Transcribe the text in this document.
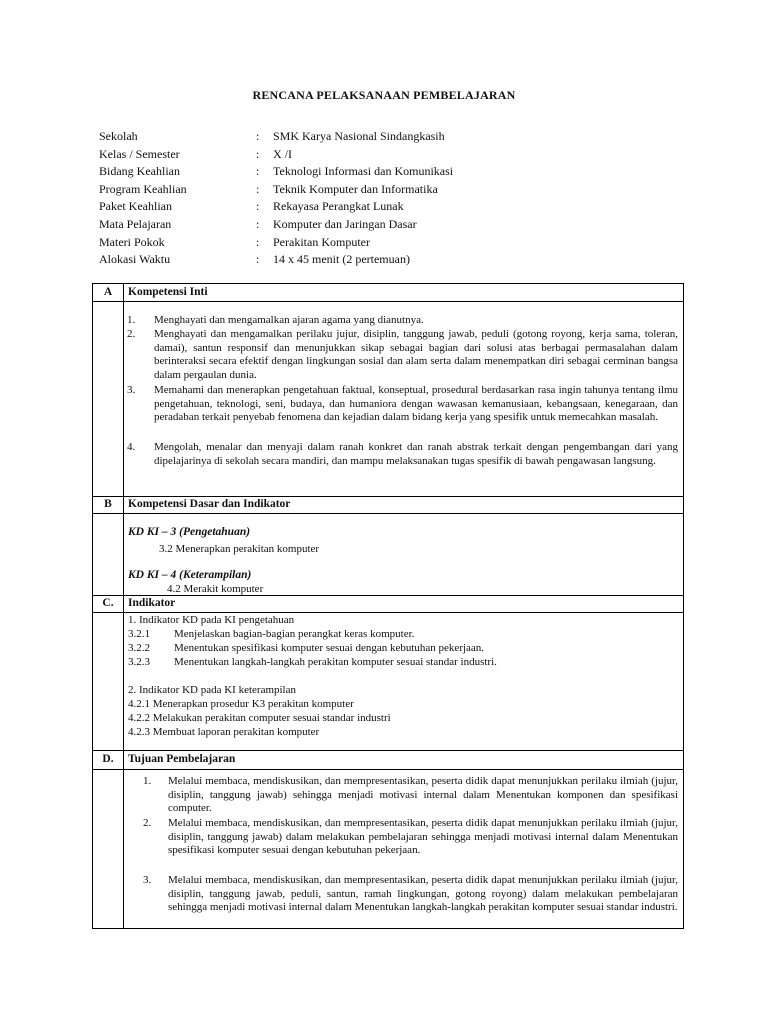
RENCANA PELAKSANAAN PEMBELAJARAN
Sekolah	: SMK Karya Nasional Sindangkasih
Kelas / Semester	: X /I
Bidang Keahlian	: Teknologi Informasi dan Komunikasi
Program Keahlian	: Teknik Komputer dan Informatika
Paket Keahlian	: Rekayasa Perangkat Lunak
Mata Pelajaran	: Komputer dan Jaringan Dasar
Materi Pokok	: Perakitan Komputer
Alokasi Waktu	: 14 x 45 menit (2 pertemuan)
A	Kompetensi Inti
1. Menghayati dan mengamalkan ajaran agama yang dianutnya.
2. Menghayati dan mengamalkan perilaku jujur, disiplin, tanggung jawab, peduli (gotong royong, kerja sama, toleran, damai), santun responsif dan menunjukkan sikap sebagai bagian dari solusi atas berbagai permasalahan dalam berinteraksi secara efektif dengan lingkungan sosial dan alam serta dalam menempatkan diri sebagai cerminan bangsa dalam pergaulan dunia.
3. Memahami dan menerapkan pengetahuan faktual, konseptual, prosedural berdasarkan rasa ingin tahunya tentang ilmu pengetahuan, teknologi, seni, budaya, dan humaniora dengan wawasan kemanusiaan, kebangsaan, kenegaraan, dan peradaban terkait penyebab fenomena dan kejadian dalam bidang kerja yang spesifik untuk memecahkan masalah.
4. Mengolah, menalar dan menyaji dalam ranah konkret dan ranah abstrak terkait dengan pengembangan dari yang dipelajarinya di sekolah secara mandiri, dan mampu melaksanakan tugas spesifik di bawah pengawasan langsung.
B	Kompetensi Dasar dan Indikator
KD KI – 3 (Pengetahuan)
3.2 Menerapkan perakitan komputer
KD KI – 4 (Keterampilan)
4.2 Merakit komputer
C.	Indikator
1. Indikator KD pada KI pengetahuan
3.2.1 Menjelaskan bagian-bagian perangkat keras komputer.
3.2.2 Menentukan spesifikasi komputer sesuai dengan kebutuhan pekerjaan.
3.2.3 Menentukan langkah-langkah perakitan komputer sesuai standar industri.
2. Indikator KD pada KI keterampilan
4.2.1 Menerapkan prosedur K3 perakitan komputer
4.2.2 Melakukan perakitan computer sesuai standar industri
4.2.3 Membuat laporan perakitan komputer
D.	Tujuan Pembelajaran
1. Melalui membaca, mendiskusikan, dan mempresentasikan, peserta didik dapat menunjukkan perilaku ilmiah (jujur, disiplin, tanggung jawab) sehingga menjadi motivasi internal dalam Menentukan komponen dan spesifikasi computer.
2. Melalui membaca, mendiskusikan, dan mempresentasikan, peserta didik dapat menunjukkan perilaku ilmiah (jujur, disiplin, tanggung jawab) dalam melakukan pembelajaran sehingga menjadi motivasi internal dalam Menentukan spesifikasi komputer sesuai dengan kebutuhan pekerjaan.
3. Melalui membaca, mendiskusikan, dan mempresentasikan, peserta didik dapat menunjukkan perilaku ilmiah (jujur, disiplin, tanggung jawab, peduli, santun, ramah lingkungan, gotong royong) dalam melakukan pembelajaran sehingga menjadi motivasi internal dalam Menentukan langkah-langkah perakitan komputer sesuai standar industri.
